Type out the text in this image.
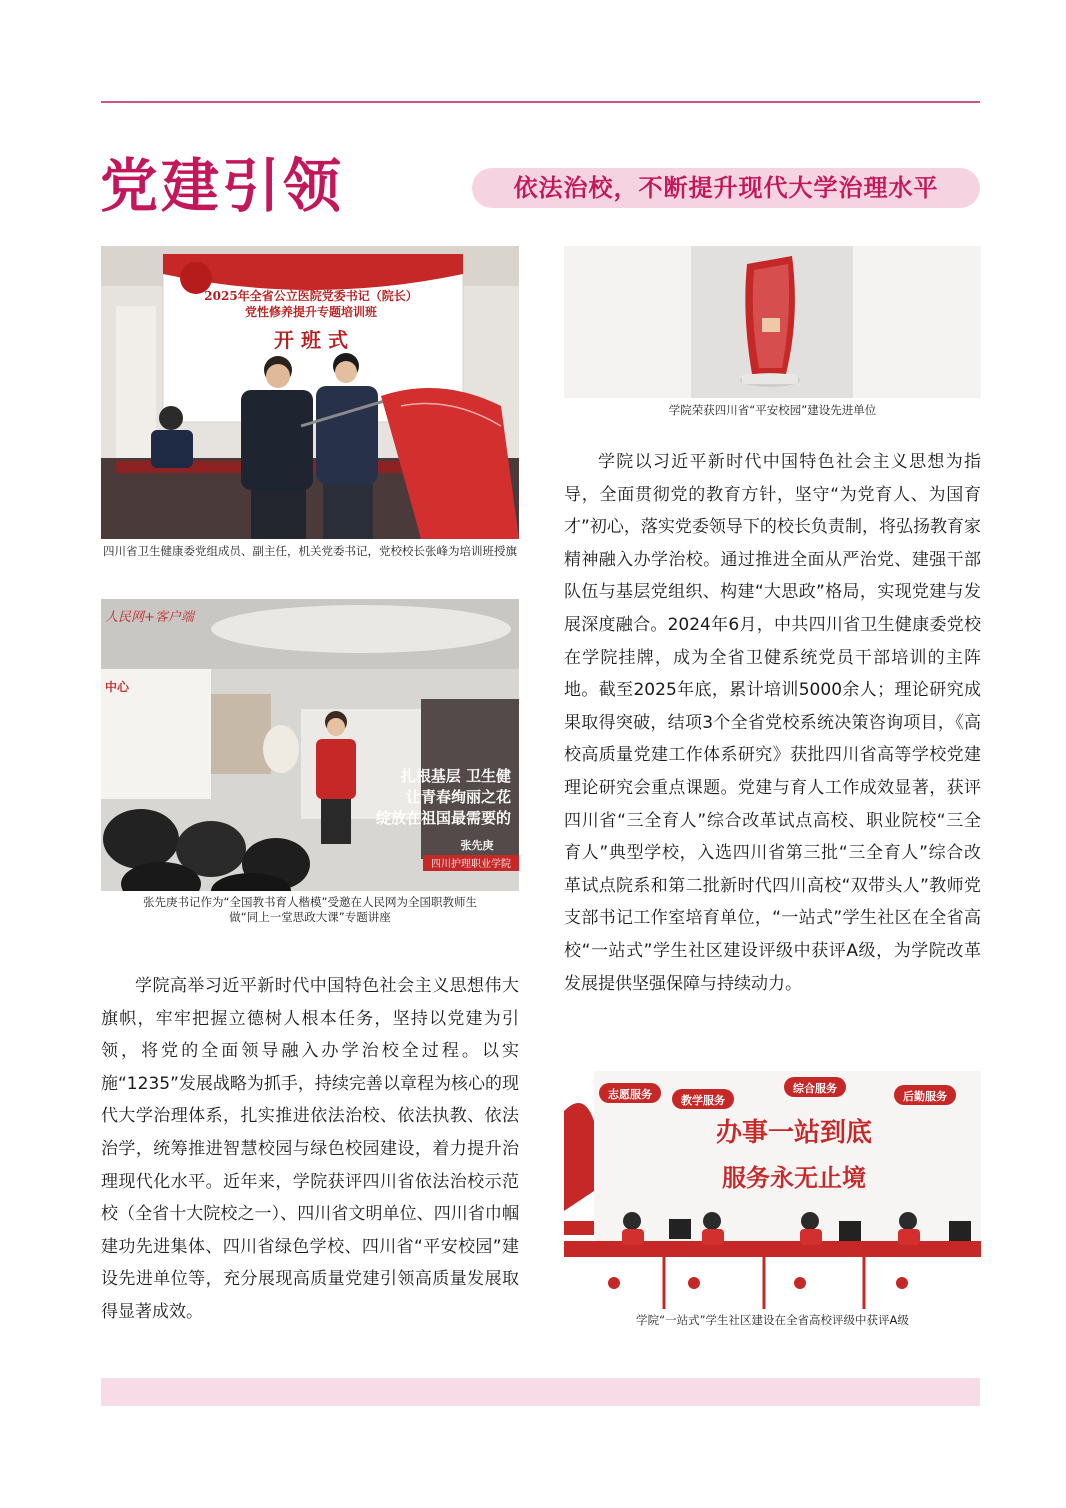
党建引领	依法治校，不断提升现代大学治理水平
2025年全省公立医院党委书记（院长）
党性修养提升专题培训班
开 班 式
四川省卫生健康委党组成员、副主任，机关党委书记，党校校长张峰为培训班授旗
人民网+客户端
中心
扎根基层 卫生健
让青春绚丽之花
绽放在祖国最需要的
张先庚
四川护理职业学院
张先庚书记作为“全国教书育人楷模”受邀在人民网为全国职教师生
做“同上一堂思政大课”专题讲座

学院高举习近平新时代中国特色社会主义思想伟大旗帜，牢牢把握立德树人根本任务，坚持以党建为引领，将党的全面领导融入办学治校全过程。以实施“1235”发展战略为抓手，持续完善以章程为核心的现代大学治理体系，扎实推进依法治校、依法执教、依法治学，统筹推进智慧校园与绿色校园建设，着力提升治理现代化水平。近年来，学院获评四川省依法治校示范校（全省十大院校之一）、四川省文明单位、四川省巾帼建功先进集体、四川省绿色学校、四川省“平安校园”建设先进单位等，充分展现高质量党建引领高质量发展取得显著成效。

学院荣获四川省“平安校园”建设先进单位

学院以习近平新时代中国特色社会主义思想为指导，全面贯彻党的教育方针，坚守“为党育人、为国育才”初心，落实党委领导下的校长负责制，将弘扬教育家精神融入办学治校。通过推进全面从严治党、建强干部队伍与基层党组织、构建“大思政”格局，实现党建与发展深度融合。2024年6月，中共四川省卫生健康委党校在学院挂牌，成为全省卫健系统党员干部培训的主阵地。截至2025年底，累计培训5000余人；理论研究成果取得突破，结项3个全省党校系统决策咨询项目，《高校高质量党建工作体系研究》获批四川省高等学校党建理论研究会重点课题。党建与育人工作成效显著，获评四川省“三全育人”综合改革试点高校、职业院校“三全育人”典型学校，入选四川省第三批“三全育人”综合改革试点院系和第二批新时代四川高校“双带头人”教师党支部书记工作室培育单位，“一站式”学生社区在全省高校“一站式”学生社区建设评级中获评A级，为学院改革发展提供坚强保障与持续动力。

志愿服务	教学服务
综合服务
后勤服务
办事一站到底
服务永无止境
学院“一站式”学生社区建设在全省高校评级中获评A级
